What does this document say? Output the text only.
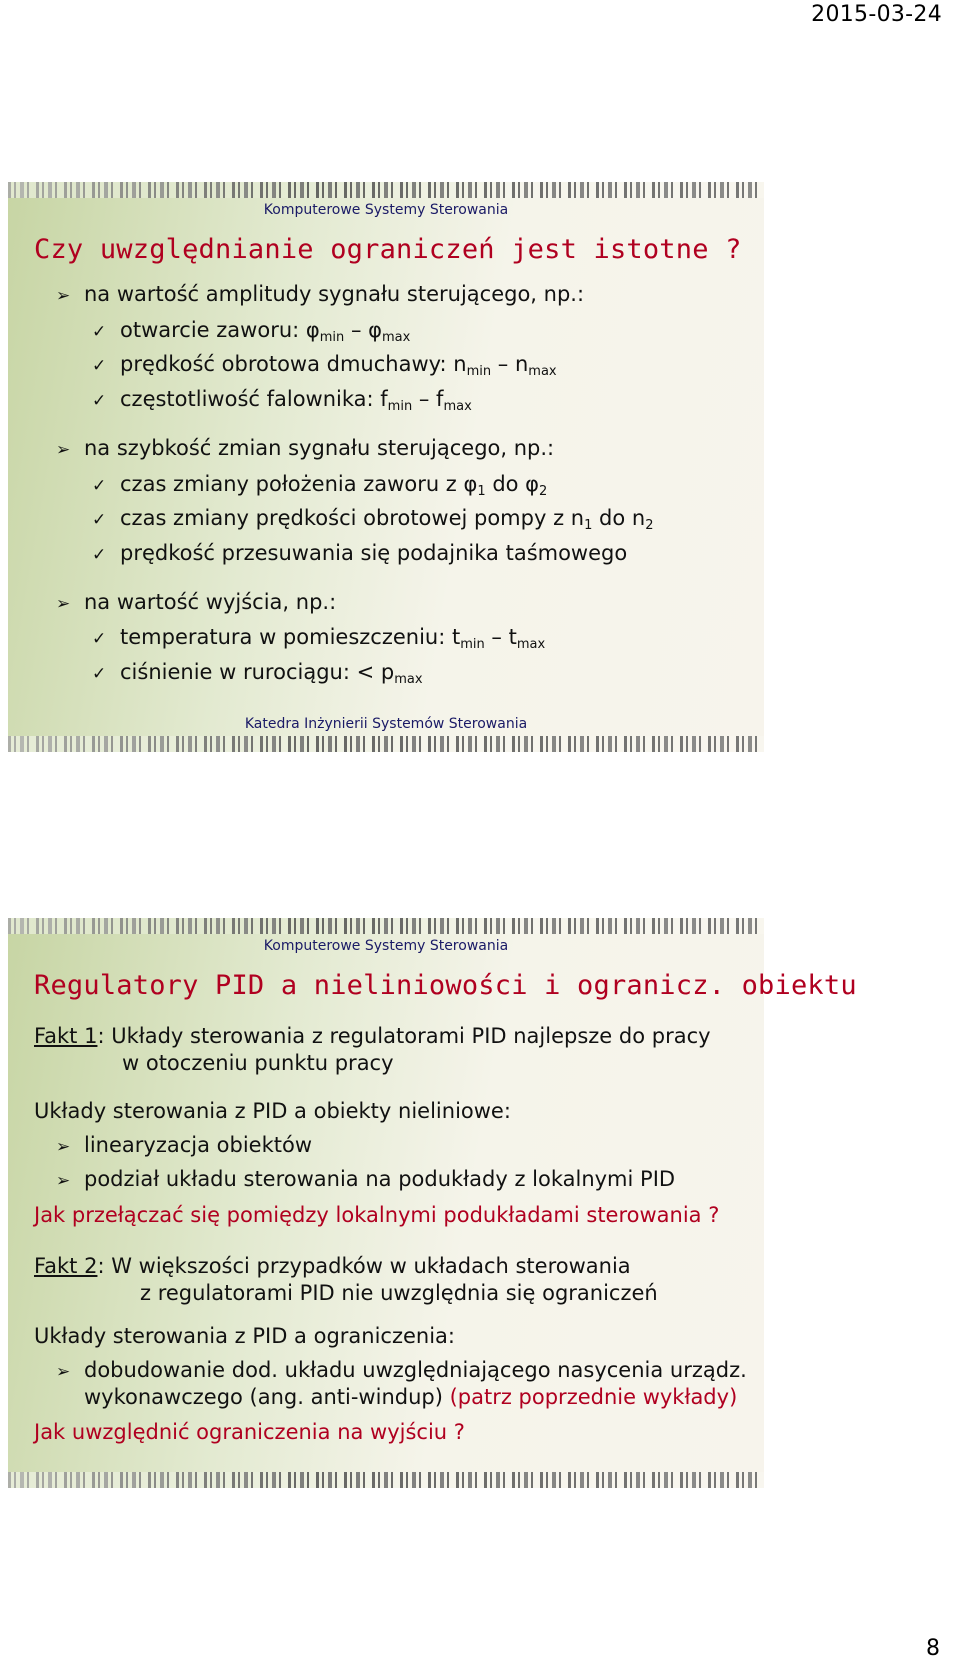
2015-03-24
Komputerowe Systemy Sterowania
Czy uwzględnianie ograniczeń jest istotne ?
➢ na wartość amplitudy sygnału sterującego, np.:
✓ otwarcie zaworu: $\varphi_{min} - \varphi_{max}$
✓ prędkość obrotowa dmuchawy: $n_{min} - n_{max}$
✓ częstotliwość falownika: $f_{min} - f_{max}$
➢ na szybkość zmian sygnału sterującego, np.:
✓ czas zmiany położenia zaworu z $\varphi_1$ do $\varphi_2$
✓ czas zmiany prędkości obrotowej pompy z $n_1$ do $n_2$
✓ prędkość przesuwania się podajnika taśmowego
➢ na wartość wyjścia, np.:
✓ temperatura w pomieszczeniu: $t_{min} - t_{max}$
✓ ciśnienie w rurociągu: < $p_{max}$
Katedra Inżynierii Systemów Sterowania
Komputerowe Systemy Sterowania
Regulatory PID a nieliniowości i ogranicz. obiektu
Fakt 1: Układy sterowania z regulatorami PID najlepsze do pracy
w otoczeniu punktu pracy
Układy sterowania z PID a obiekty nieliniowe:
➢ linearyzacja obiektów
➢ podział układu sterowania na podukłady z lokalnymi PID
Jak przełączać się pomiędzy lokalnymi podukładami sterowania ?
Fakt 2: W większości przypadków w układach sterowania
z regulatorami PID nie uwzględnia się ograniczeń
Układy sterowania z PID a ograniczenia:
➢ dobudowanie dod. układu uwzględniającego nasycenia urządz.
wykonawczego (ang. anti-windup) (patrz poprzednie wykłady)
Jak uwzględnić ograniczenia na wyjściu ?
8
